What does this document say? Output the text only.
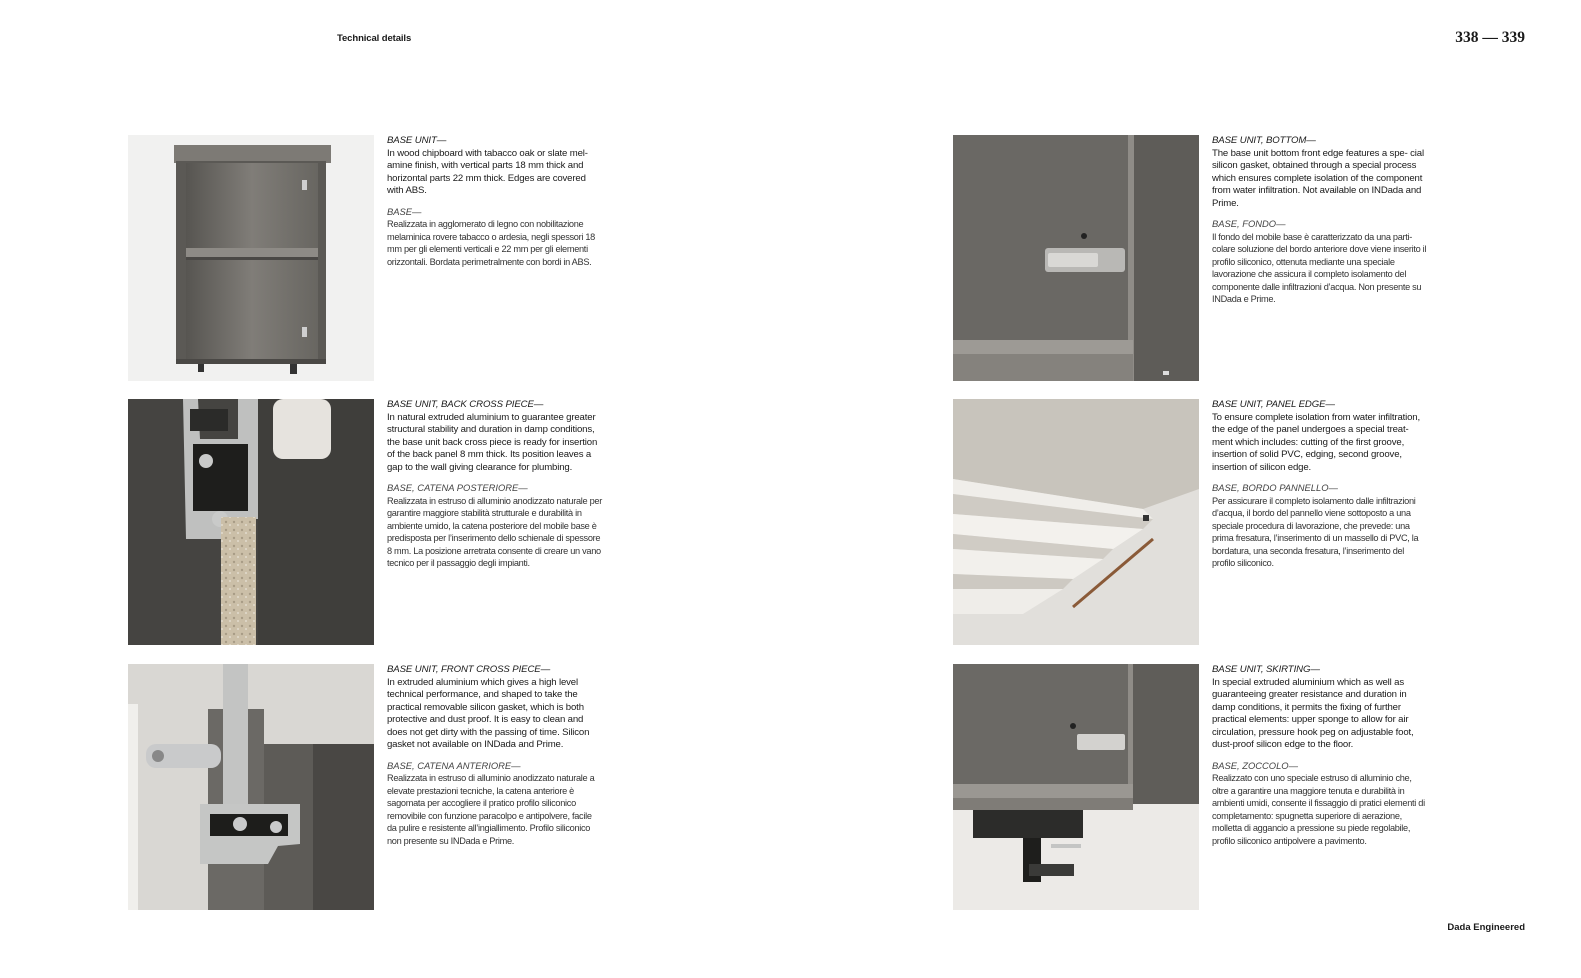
Technical details	338 — 339
Dada Engineered

BASE UNIT—

In wood chipboard with tabacco oak or slate mel- amine finish, with vertical parts 18 mm thick and horizontal parts 22 mm thick. Edges are covered with ABS.

BASE—

Realizzata in agglomerato di legno con nobilitazione melaminica rovere tabacco o ardesia, negli spessori 18 mm per gli elementi verticali e 22 mm per gli elementi orizzontali. Bordata perimetralmente con bordi in ABS.

BASE UNIT, BOTTOM—

The base unit bottom front edge features a spe- cial silicon gasket, obtained through a special process which ensures complete isolation of the component from water infiltration. Not available on INDada and Prime.

BASE, FONDO—

Il fondo del mobile base è caratterizzato da una parti- colare soluzione del bordo anteriore dove viene inserito il profilo siliconico, ottenuta mediante una speciale lavorazione che assicura il completo isolamento del componente dalle infiltrazioni d’acqua. Non presente su INDada e Prime.

BASE UNIT, BACK CROSS PIECE—

In natural extruded aluminium to guarantee greater structural stability and duration in damp conditions, the base unit back cross piece is ready for insertion of the back panel 8 mm thick. Its position leaves a gap to the wall giving clearance for plumbing.

BASE, CATENA POSTERIORE—

Realizzata in estruso di alluminio anodizzato naturale per garantire maggiore stabilità strutturale e durabilità in ambiente umido, la catena posteriore del mobile base è predisposta per l’inserimento dello schienale di spessore 8 mm. La posizione arretrata consente di creare un vano tecnico per il passaggio degli impianti.

BASE UNIT, PANEL EDGE—

To ensure complete isolation from water infiltration, the edge of the panel undergoes a special treat- ment which includes: cutting of the first groove, insertion of solid PVC, edging, second groove, insertion of silicon edge.

BASE, BORDO PANNELLO—

Per assicurare il completo isolamento dalle infiltrazioni d’acqua, il bordo del pannello viene sottoposto a una speciale procedura di lavorazione, che prevede: una prima fresatura, l’inserimento di un massello di PVC, la bordatura, una seconda fresatura, l’inserimento del profilo siliconico.

BASE UNIT, FRONT CROSS PIECE—

In extruded aluminium which gives a high level technical performance, and shaped to take the practical removable silicon gasket, which is both protective and dust proof. It is easy to clean and does not get dirty with the passing of time. Silicon gasket not available on INDada and Prime.

BASE, CATENA ANTERIORE—

Realizzata in estruso di alluminio anodizzato naturale a elevate prestazioni tecniche, la catena anteriore è sagomata per accogliere il pratico profilo siliconico removibile con funzione paracolpo e antipolvere, facile da pulire e resistente all’ingiallimento. Profilo siliconico non presente su INDada e Prime.

BASE UNIT, SKIRTING—

In special extruded aluminium which as well as guaranteeing greater resistance and duration in damp conditions, it permits the fixing of further practical elements: upper sponge to allow for air circulation, pressure hook peg on adjustable foot, dust-proof silicon edge to the floor.

BASE, ZOCCOLO—

Realizzato con uno speciale estruso di alluminio che, oltre a garantire una maggiore tenuta e durabilità in ambienti umidi, consente il fissaggio di pratici elementi di completamento: spugnetta superiore di aerazione, molletta di aggancio a pressione su piede regolabile, profilo siliconico antipolvere a pavimento.
